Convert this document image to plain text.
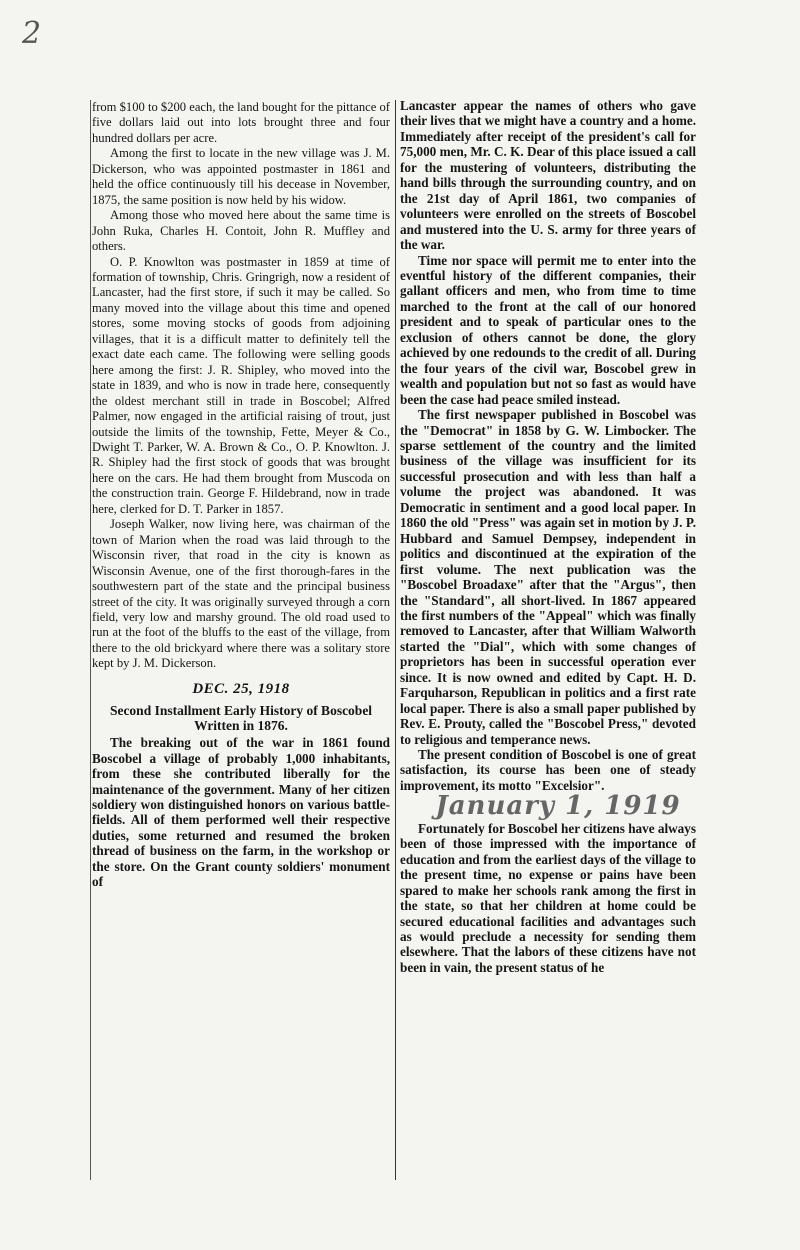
2

from $100 to $200 each, the land bought for the pittance of five dollars laid out into lots brought three and four hundred dollars per acre.

Among the first to locate in the new village was J. M. Dickerson, who was appointed postmaster in 1861 and held the office continuously till his decease in November, 1875, the same position is now held by his widow.

Among those who moved here about the same time is John Ruka, Charles H. Contoit, John R. Muffley and others.

O. P. Knowlton was postmaster in 1859 at time of formation of township, Chris. Gringrigh, now a resident of Lancaster, had the first store, if such it may be called. So many moved into the village about this time and opened stores, some moving stocks of goods from adjoining villages, that it is a difficult matter to definitely tell the exact date each came. The following were selling goods here among the first: J. R. Shipley, who moved into the state in 1839, and who is now in trade here, consequently the oldest merchant still in trade in Boscobel; Alfred Palmer, now engaged in the artificial raising of trout, just outside the limits of the township, Fette, Meyer & Co., Dwight T. Parker, W. A. Brown & Co., O. P. Knowlton. J. R. Shipley had the first stock of goods that was brought here on the cars. He had them brought from Muscoda on the construction train. George F. Hildebrand, now in trade here, clerked for D. T. Parker in 1857.

Joseph Walker, now living here, was chairman of the town of Marion when the road was laid through to the Wisconsin river, that road in the city is known as Wisconsin Avenue, one of the first thorough-fares in the southwestern part of the state and the principal business street of the city. It was originally surveyed through a corn field, very low and marshy ground. The old road used to run at the foot of the bluffs to the east of the village, from there to the old brickyard where there was a solitary store kept by J. M. Dickerson.

DEC. 25, 1918
Second Installment Early History of Boscobel Written in 1876.

The breaking out of the war in 1861 found Boscobel a village of probably 1,000 inhabitants, from these she contributed liberally for the maintenance of the government. Many of her citizen soldiery won distinguished honors on various battle-fields. All of them performed well their respective duties, some returned and resumed the broken thread of business on the farm, in the workshop or the store. On the Grant county soldiers' monument of

Lancaster appear the names of others who gave their lives that we might have a country and a home. Immediately after receipt of the president's call for 75,000 men, Mr. C. K. Dear of this place issued a call for the mustering of volunteers, distributing the hand bills through the surrounding country, and on the 21st day of April 1861, two companies of volunteers were enrolled on the streets of Boscobel and mustered into the U. S. army for three years of the war.

Time nor space will permit me to enter into the eventful history of the different companies, their gallant officers and men, who from time to time marched to the front at the call of our honored president and to speak of particular ones to the exclusion of others cannot be done, the glory achieved by one redounds to the credit of all. During the four years of the civil war, Boscobel grew in wealth and population but not so fast as would have been the case had peace smiled instead.

The first newspaper published in Boscobel was the "Democrat" in 1858 by G. W. Limbocker. The sparse settlement of the country and the limited business of the village was insufficient for its successful prosecution and with less than half a volume the project was abandoned. It was Democratic in sentiment and a good local paper. In 1860 the old "Press" was again set in motion by J. P. Hubbard and Samuel Dempsey, independent in politics and discontinued at the expiration of the first volume. The next publication was the "Boscobel Broadaxe" after that the "Argus", then the "Standard", all short-lived. In 1867 appeared the first numbers of the "Appeal" which was finally removed to Lancaster, after that William Walworth started the "Dial", which with some changes of proprietors has been in successful operation ever since. It is now owned and edited by Capt. H. D. Farquharson, Republican in politics and a first rate local paper. There is also a small paper published by Rev. E. Prouty, called the "Boscobel Press," devoted to religious and temperance news.

The present condition of Boscobel is one of great satisfaction, its course has been one of steady improvement, its motto "Excelsior".

January 1, 1919

Fortunately for Boscobel her citizens have always been of those impressed with the importance of education and from the earliest days of the village to the present time, no expense or pains have been spared to make her schools rank among the first in the state, so that her children at home could be secured educational facilities and advantages such as would preclude a necessity for sending them elsewhere. That the labors of these citizens have not been in vain, the present status of he
